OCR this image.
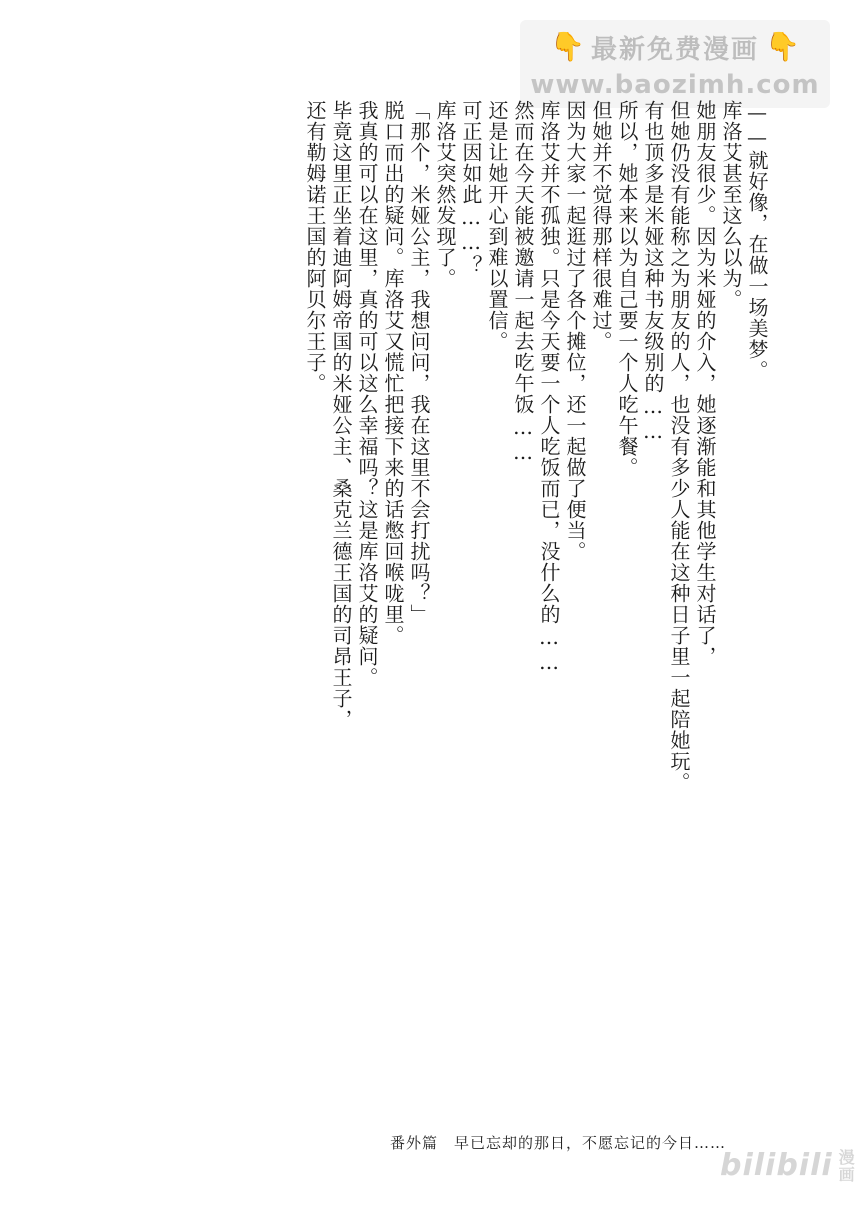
👇 最新免费漫画 👇
www.baozimh.com
——就好像，在做一场美梦。
库洛艾甚至这么以为。
她朋友很少。因为米娅的介入，她逐渐能和其他学生对话了，
但她仍没有能称之为朋友的人，也没有多少人能在这种日子里一起陪她玩。
有也顶多是米娅这种书友级别的……
所以，她本来以为自己要一个人吃午餐。
但她并不觉得那样很难过。
因为大家一起逛过了各个摊位，还一起做了便当。
库洛艾并不孤独。只是今天要一个人吃饭而已，没什么的……
然而在今天能被邀请一起去吃午饭……
还是让她开心到难以置信。
可正因如此……？
库洛艾突然发现了。
「那个，米娅公主，我想问问，我在这里不会打扰吗？」
脱口而出的疑问。库洛艾又慌忙把接下来的话憋回喉咙里。
我真的可以在这里，真的可以这么幸福吗？这是库洛艾的疑问。
毕竟这里正坐着迪阿姆帝国的米娅公主、桑克兰德王国的司昂王子，
还有勒姆诺王国的阿贝尔王子。
番外篇　早已忘却的那日，不愿忘记的今日……
bilibili 漫
画
